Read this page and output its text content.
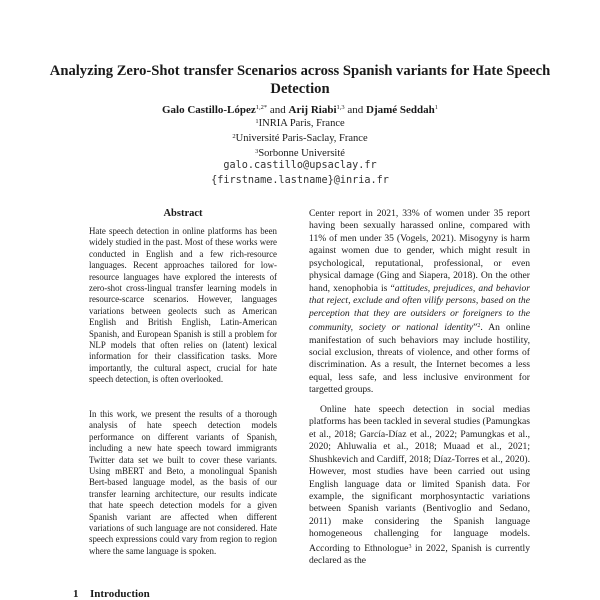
Analyzing Zero-Shot transfer Scenarios across Spanish variants for Hate Speech Detection
Galo Castillo-López$^{1,2*}$ and Arij Riabi$^{1,3}$ and Djamé Seddah$^1$
$^1$INRIA Paris, France
$^2$Université Paris-Saclay, France
$^3$Sorbonne Université
galo.castillo@upsaclay.fr
{firstname.lastname}@inria.fr
Abstract

Hate speech detection in online platforms has been widely studied in the past. Most of these works were conducted in English and a few rich-resource languages. Recent approaches tailored for low-resource languages have explored the interests of zero-shot cross-lingual transfer learning models in resource-scarce scenarios. However, languages variations between geolects such as American English and British English, Latin-American Spanish, and European Spanish is still a problem for NLP models that often relies on (latent) lexical information for their classification tasks. More importantly, the cultural aspect, crucial for hate speech detection, is often overlooked.

In this work, we present the results of a thorough analysis of hate speech detection models performance on different variants of Spanish, including a new hate speech toward immigrants Twitter data set we built to cover these variants. Using mBERT and Beto, a monolingual Spanish Bert-based language model, as the basis of our transfer learning architecture, our results indicate that hate speech detection models for a given Spanish variant are affected when different variations of such language are not considered. Hate speech expressions could vary from region to region where the same language is spoken.

Center report in 2021, 33% of women under 35 report having been sexually harassed online, compared with 11% of men under 35 (Vogels, 2021). Misogyny is harm against women due to gender, which might result in psychological, reputational, professional, or even physical damage (Ging and Siapera, 2018). On the other hand, xenophobia is “attitudes, prejudices, and behavior that reject, exclude and often vilify persons, based on the perception that they are outsiders or foreigners to the community, society or national identity”$^2$. An online manifestation of such behaviors may include hostility, social exclusion, threats of violence, and other forms of discrimination. As a result, the Internet becomes a less equal, less safe, and less inclusive environment for targetted groups.

Online hate speech detection in social medias platforms has been tackled in several studies (Pamungkas et al., 2018; García-Díaz et al., 2022; Pamungkas et al., 2020; Ahluwalia et al., 2018; Muaad et al., 2021; Shushkevich and Cardiff, 2018; Díaz-Torres et al., 2020). However, most studies have been carried out using English language data or limited Spanish data. For example, the significant morphosyntactic variations between Spanish variants (Bentivoglio and Sedano, 2011) make considering the Spanish language homogeneous challenging for language models. According to Ethnologue$^3$ in 2022, Spanish is currently declared as the

1 Introduction
